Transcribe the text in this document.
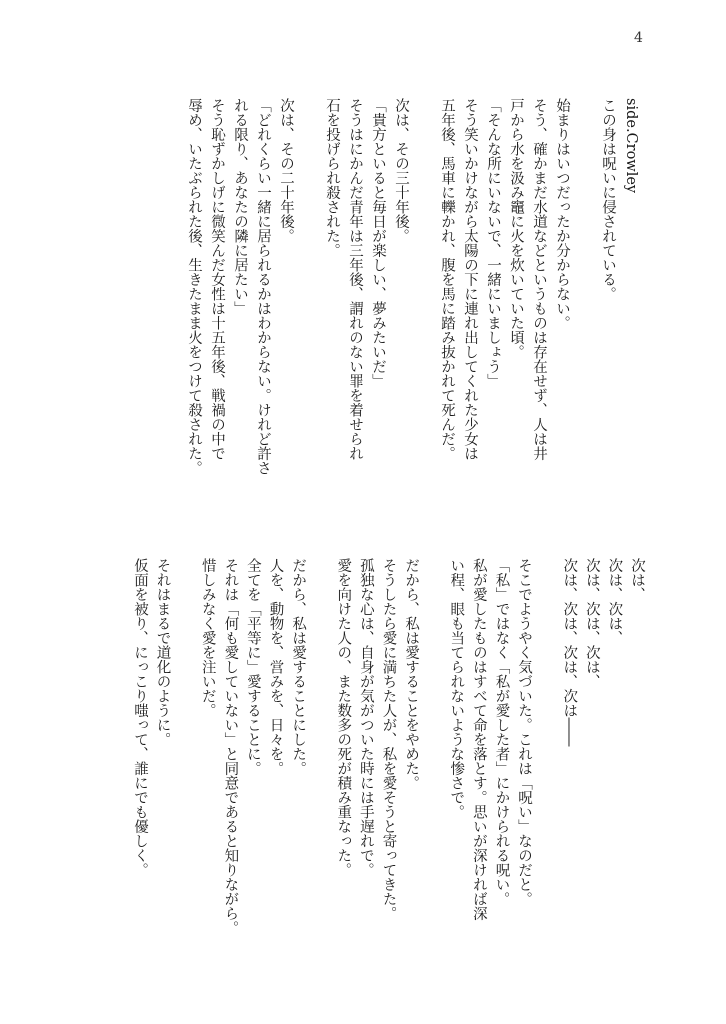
4
side.Crowley
この身は呪いに侵されている。
始まりはいつだったか分からない。
そう、確かまだ水道などというものは存在せず、人は井
戸から水を汲み竈に火を炊いていた頃。
「そんな所にいないで、一緒にいましょう」
そう笑いかけながら太陽の下に連れ出してくれた少女は
五年後、馬車に轢かれ、腹を馬に踏み抜かれて死んだ。
次は、その三十年後。
「貴方といると毎日が楽しい、夢みたいだ」
そうはにかんだ青年は三年後、謂れのない罪を着せられ
石を投げられ殺された。
次は、その二十年後。
「どれくらい一緒に居られるかはわからない。けれど許さ
れる限り、あなたの隣に居たい」
そう恥ずかしげに微笑んだ女性は十五年後、戦禍の中で
辱め、いたぶられた後、生きたまま火をつけて殺された。
次は、
次は、次は、
次は、次は、次は、
次は、次は、次は、次は――
そこでようやく気づいた。これは「呪い」なのだと。
「私」ではなく「私が愛した者」にかけられる呪い。
私が愛したものはすべて命を落とす。思いが深ければ深
い程、眼も当てられないような惨さで。
だから、私は愛することをやめた。
そうしたら愛に満ちた人が、私を愛そうと寄ってきた。
孤独な心は、自身が気がついた時には手遅れで。
愛を向けた人の、また数多の死が積み重なった。
だから、私は愛することにした。
人を、動物を、営みを、日々を。
全てを「平等に」愛することに。
それは「何も愛していない」と同意であると知りながら。
惜しみなく愛を注いだ。
それはまるで道化のように。
仮面を被り、にっこり嗤って、誰にでも優しく。
